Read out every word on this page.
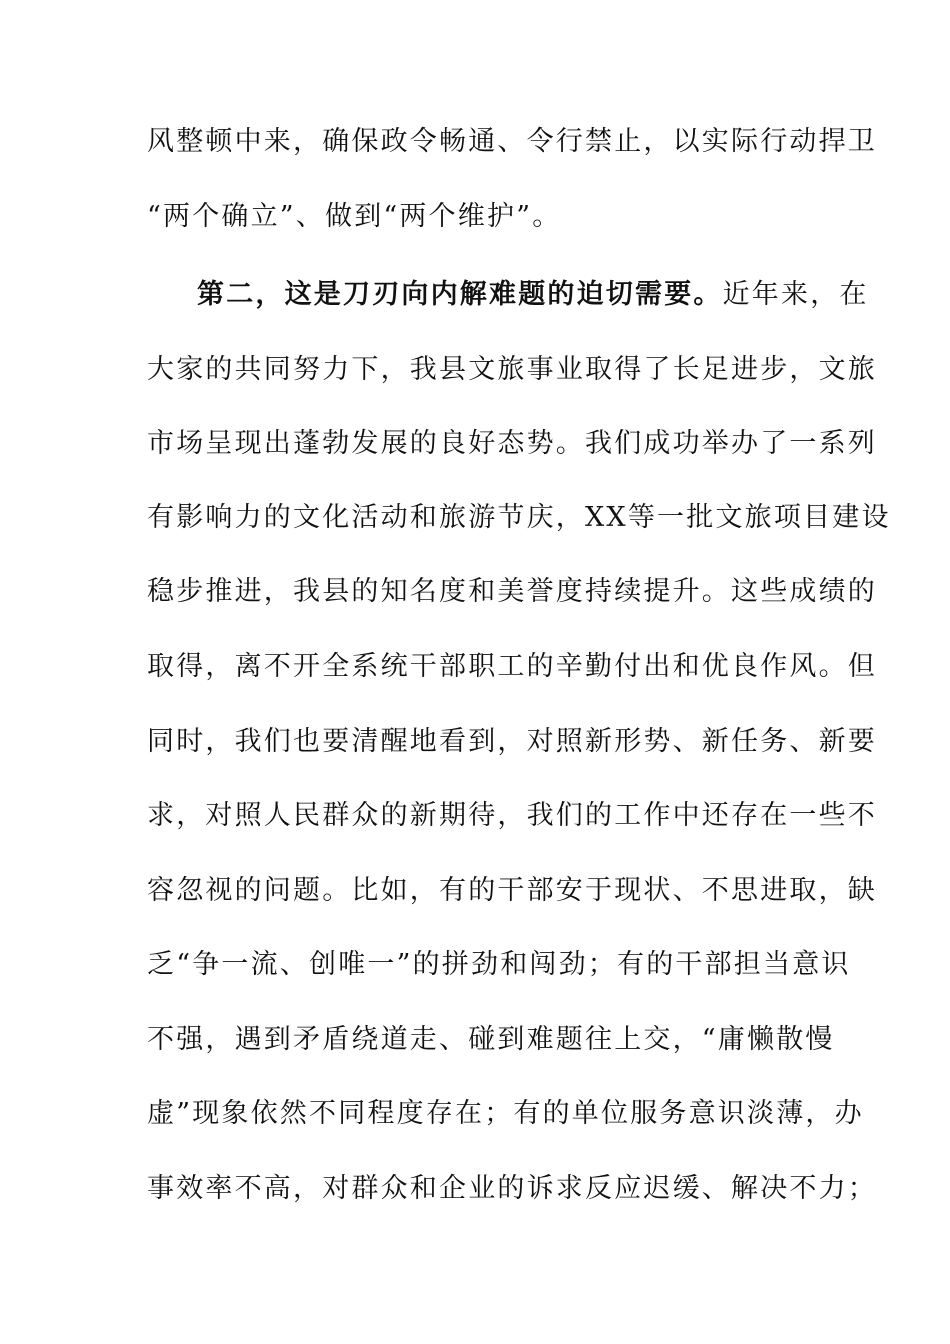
风整顿中来，确保政令畅通、令行禁止，以实际行动捍卫
“两个确立”、做到“两个维护”。
第二，这是刀刃向内解难题的迫切需要。近年来，在
大家的共同努力下，我县文旅事业取得了长足进步，文旅
市场呈现出蓬勃发展的良好态势。我们成功举办了一系列
有影响力的文化活动和旅游节庆，XX等一批文旅项目建设
稳步推进，我县的知名度和美誉度持续提升。这些成绩的
取得，离不开全系统干部职工的辛勤付出和优良作风。但
同时，我们也要清醒地看到，对照新形势、新任务、新要
求，对照人民群众的新期待，我们的工作中还存在一些不
容忽视的问题。比如，有的干部安于现状、不思进取，缺
乏“争一流、创唯一”的拼劲和闯劲；有的干部担当意识
不强，遇到矛盾绕道走、碰到难题往上交，“庸懒散慢
虚”现象依然不同程度存在；有的单位服务意识淡薄，办
事效率不高，对群众和企业的诉求反应迟缓、解决不力；
